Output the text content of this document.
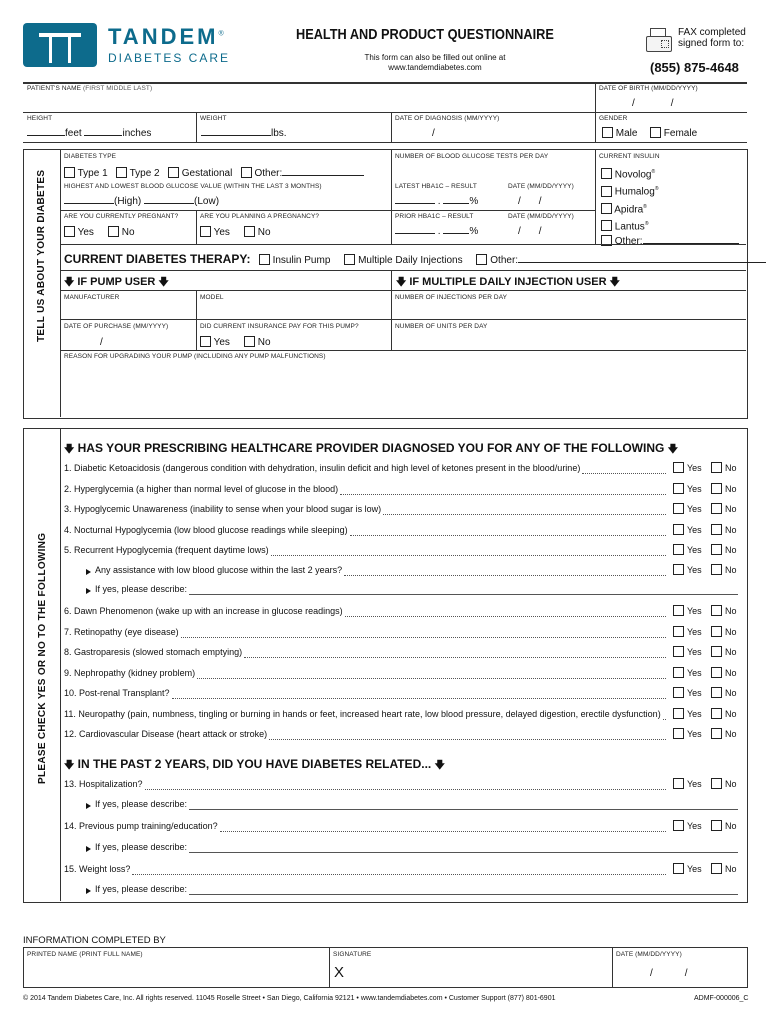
TANDEM®
DIABETES CARE
HEALTH AND PRODUCT QUESTIONNAIRE
This form can also be filled out online at
www.tandemdiabetes.com
FAX completed
signed form to:
(855) 875-4648
PATIENT'S NAME (FIRST MIDDLE LAST)	DATE OF BIRTH (MM/DD/YYYY)
/	/
HEIGHT
feet	inches
WEIGHT
lbs.
DATE OF DIAGNOSIS (MM/YYYY)
/
GENDER
Male	Female
TELL US ABOUT YOUR DIABETES
DIABETES TYPE
Type 1 Type 2 Gestational Other:
NUMBER OF BLOOD GLUCOSE TESTS PER DAY	CURRENT INSULIN
Novolog®
Humalog®
Apidra®
Lantus®
Other:
HIGHEST AND LOWEST BLOOD GLUCOSE VALUE (WITHIN THE LAST 3 MONTHS)
(High)	(Low)
LATEST HBA1C – RESULT	DATE (MM/DD/YYYY)
.	%	/ /
ARE YOU CURRENTLY PREGNANT?
Yes	No
ARE YOU PLANNING A PREGNANCY?
Yes	No
PRIOR HBA1C – RESULT	DATE (MM/DD/YYYY)
.	%	/ /
CURRENT DIABETES THERAPY: Insulin Pump	Multiple Daily Injections	Other:
🡇 IF PUMP USER 🡇	🡇 IF MULTIPLE DAILY INJECTION USER 🡇
MANUFACTURER	MODEL	NUMBER OF INJECTIONS PER DAY
DATE OF PURCHASE (MM/YYYY)
/
DID CURRENT INSURANCE PAY FOR THIS PUMP?
Yes	No
NUMBER OF UNITS PER DAY
REASON FOR UPGRADING YOUR PUMP (INCLUDING ANY PUMP MALFUNCTIONS)
PLEASE CHECK YES OR NO TO THE FOLLOWING
🡇 HAS YOUR PRESCRIBING HEALTHCARE PROVIDER DIAGNOSED YOU FOR ANY OF THE FOLLOWING 🡇
1. Diabetic Ketoacidosis (dangerous condition with dehydration, insulin deficit and high level of ketones present in the blood/urine)	Yes	No
2. Hyperglycemia (a higher than normal level of glucose in the blood)	Yes	No
3. Hypoglycemic Unawareness (inability to sense when your blood sugar is low)	Yes	No
4. Nocturnal Hypoglycemia (low blood glucose readings while sleeping)	Yes	No
5. Recurrent Hypoglycemia (frequent daytime lows)	Yes	No
Any assistance with low blood glucose within the last 2 years?	Yes	No
If yes, please describe:
6. Dawn Phenomenon (wake up with an increase in glucose readings)	Yes	No
7. Retinopathy (eye disease)	Yes	No
8. Gastroparesis (slowed stomach emptying)	Yes	No
9. Nephropathy (kidney problem)	Yes	No
10. Post-renal Transplant?	Yes	No
11. Neuropathy (pain, numbness, tingling or burning in hands or feet, increased heart rate, low blood pressure, delayed digestion, erectile dysfunction)	Yes	No
12. Cardiovascular Disease (heart attack or stroke)	Yes	No
13. Hospitalization?	Yes	No
If yes, please describe:
14. Previous pump training/education?	Yes	No
If yes, please describe:
15. Weight loss?	Yes	No
If yes, please describe:
🡇 IN THE PAST 2 YEARS, DID YOU HAVE DIABETES RELATED... 🡇
INFORMATION COMPLETED BY
PRINTED NAME (PRINT FULL NAME)	SIGNATURE
X
DATE (MM/DD/YYYY)
/	/
© 2014 Tandem Diabetes Care, Inc. All rights reserved. 11045 Roselle Street • San Diego, California 92121 • www.tandemdiabetes.com • Customer Support (877) 801-6901	ADMF-000006_C
